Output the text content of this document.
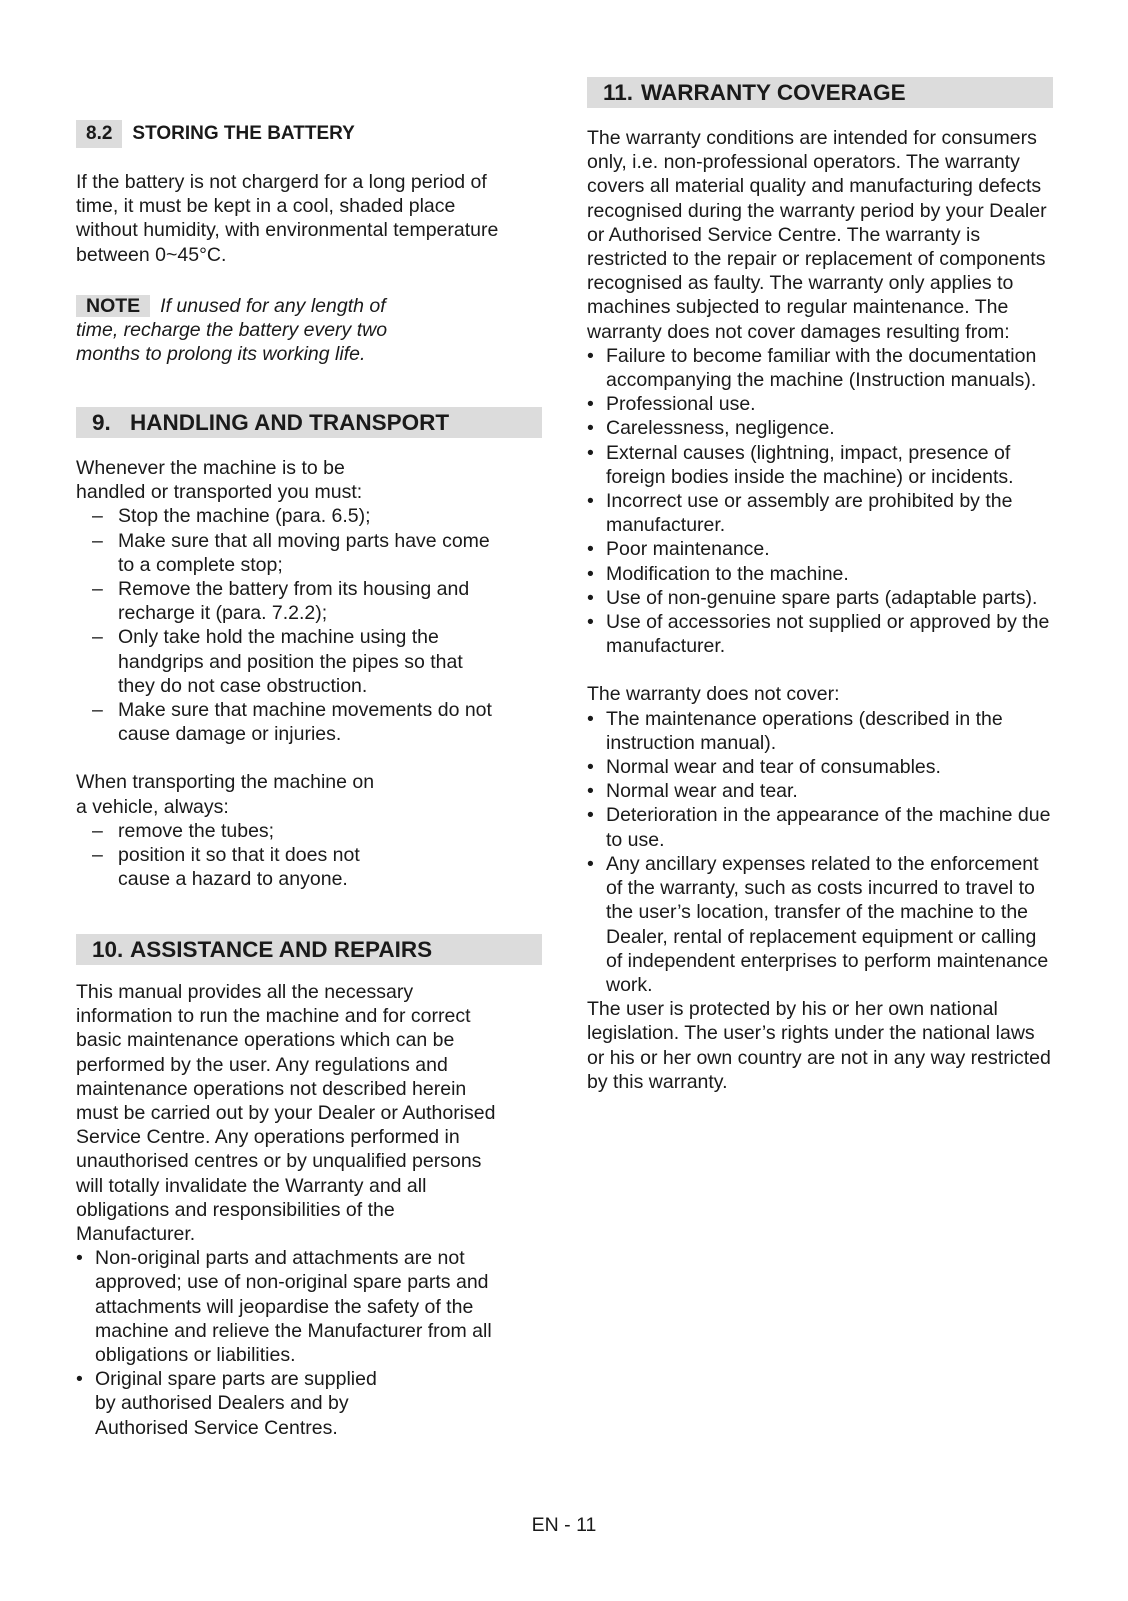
8.2	STORING THE BATTERY

If the battery is not chargerd for a long period of time, it must be kept in a cool, shaded place without humidity, with environmental temperature between 0~45°C.

NOTE If unused for any length of time, recharge the battery every two months to prolong its working life.

9. HANDLING AND TRANSPORT

Whenever the machine is to be handled or transported you must:

– Stop the machine (para. 6.5);
– Make sure that all moving parts have come to a complete stop;
– Remove the battery from its housing and recharge it (para. 7.2.2);
– Only take hold the machine using the handgrips and position the pipes so that they do not case obstruction.
– Make sure that machine movements do not cause damage or injuries.

When transporting the machine on a vehicle, always:

– remove the tubes;
– position it so that it does not cause a hazard to anyone.
10. ASSISTANCE AND REPAIRS

This manual provides all the necessary information to run the machine and for correct basic maintenance operations which can be performed by the user. Any regulations and maintenance operations not described herein must be carried out by your Dealer or Authorised Service Centre. Any operations performed in unauthorised centres or by unqualified persons will totally invalidate the Warranty and all obligations and responsibilities of the Manufacturer.

• Non-original parts and attachments are not approved; use of non-original spare parts and attachments will jeopardise the safety of the machine and relieve the Manufacturer from all obligations or liabilities.
• Original spare parts are supplied by authorised Dealers and by Authorised Service Centres.
11. WARRANTY COVERAGE

The warranty conditions are intended for consumers only, i.e. non-professional operators. The warranty covers all material quality and manufacturing defects recognised during the warranty period by your Dealer or Authorised Service Centre. The warranty is restricted to the repair or replacement of components recognised as faulty. The warranty only applies to machines subjected to regular maintenance. The warranty does not cover damages resulting from:

• Failure to become familiar with the documentation accompanying the machine (Instruction manuals).
• Professional use.
• Carelessness, negligence.
• External causes (lightning, impact, presence of foreign bodies inside the machine) or incidents.
• Incorrect use or assembly are prohibited by the manufacturer.
• Poor maintenance.
• Modification to the machine.
• Use of non-genuine spare parts (adaptable parts).
• Use of accessories not supplied or approved by the manufacturer.

The warranty does not cover:

• The maintenance operations (described in the instruction manual).
• Normal wear and tear of consumables.
• Normal wear and tear.
• Deterioration in the appearance of the machine due to use.
• Any ancillary expenses related to the enforcement of the warranty, such as costs incurred to travel to the user’s location, transfer of the machine to the Dealer, rental of replacement equipment or calling of independent enterprises to perform maintenance work.

The user is protected by his or her own national legislation. The user’s rights under the national laws or his or her own country are not in any way restricted by this warranty.

EN - 11
